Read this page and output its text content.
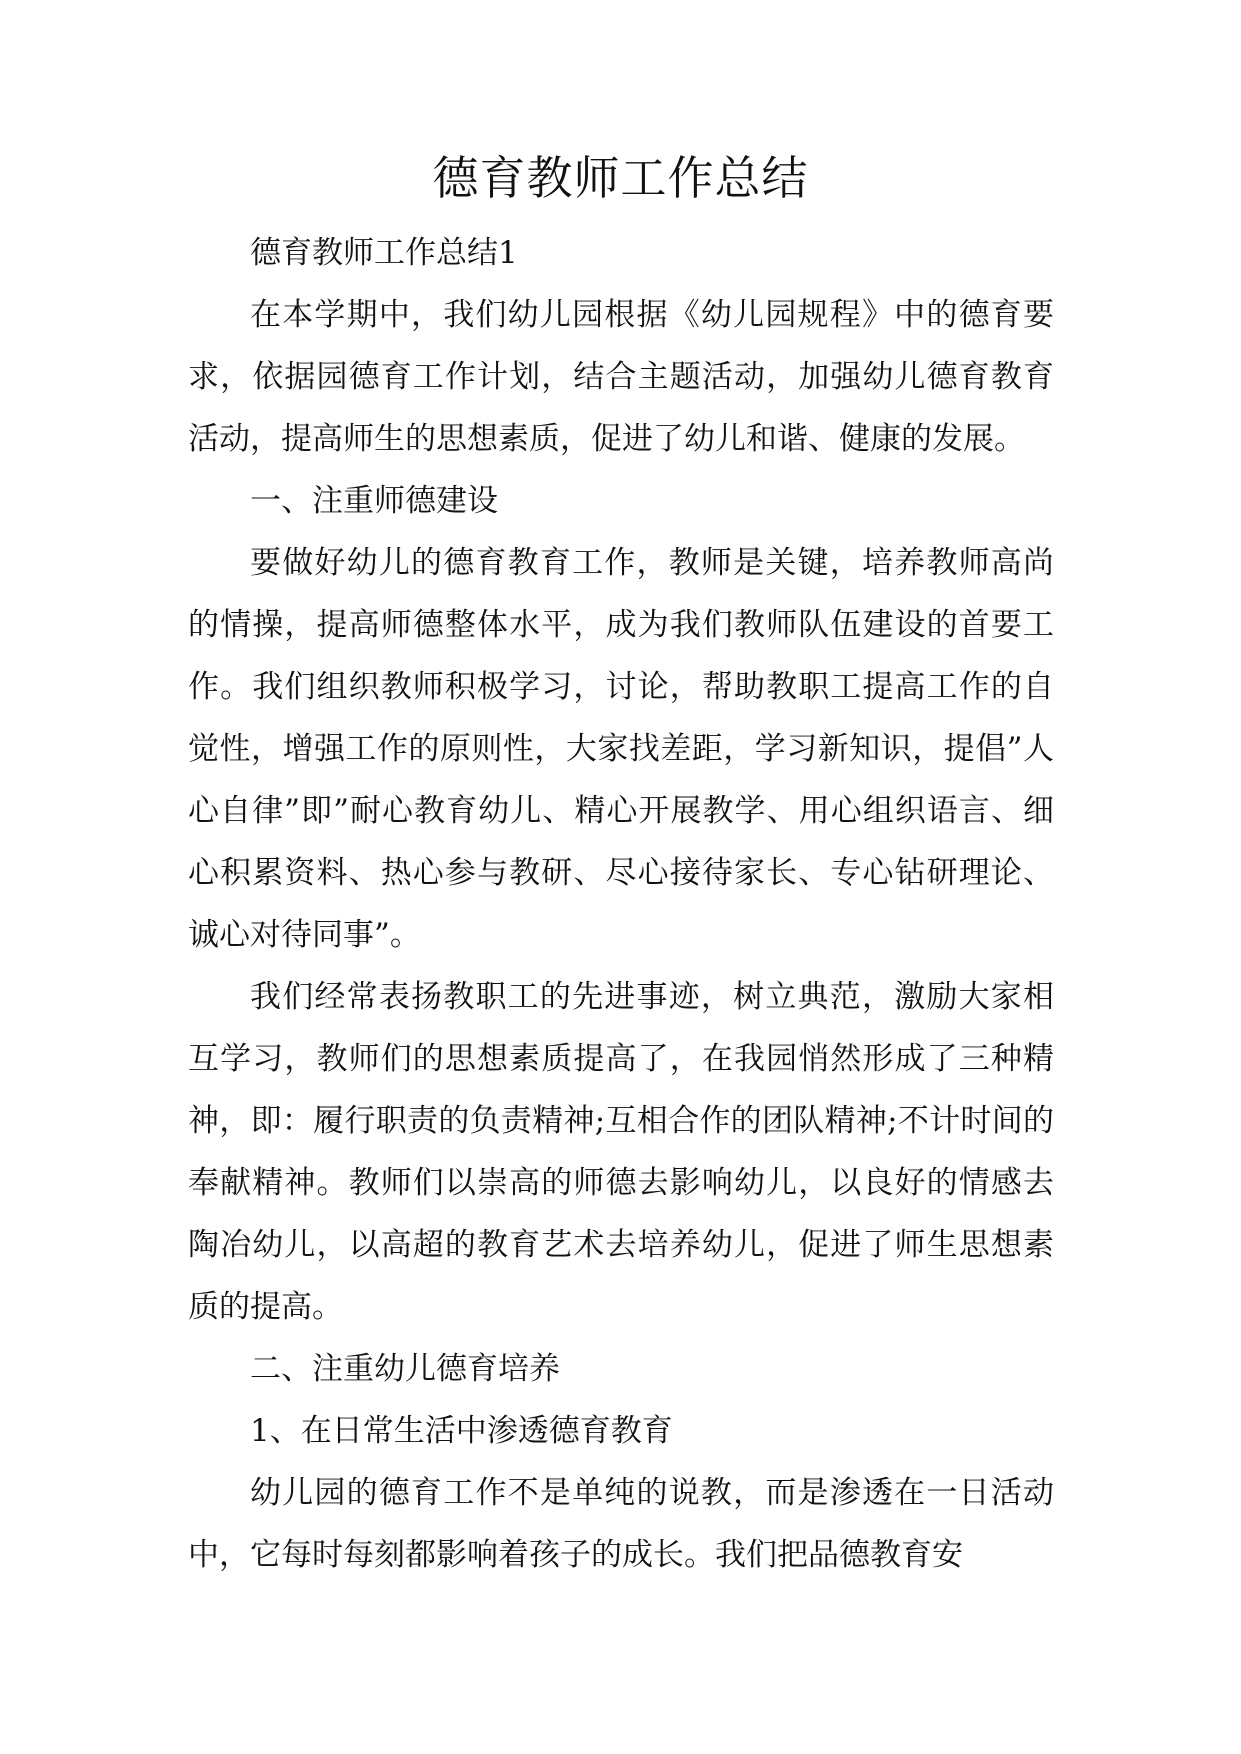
德育教师工作总结

德育教师工作总结1

在本学期中，我们幼儿园根据《幼儿园规程》中的德育要求，依据园德育工作计划，结合主题活动，加强幼儿德育教育活动，提高师生的思想素质，促进了幼儿和谐、健康的发展。

一、注重师德建设

要做好幼儿的德育教育工作，教师是关键，培养教师高尚的情操，提高师德整体水平，成为我们教师队伍建设的首要工作。我们组织教师积极学习，讨论，帮助教职工提高工作的自觉性，增强工作的原则性，大家找差距，学习新知识，提倡”人心自律”即”耐心教育幼儿、精心开展教学、用心组织语言、细心积累资料、热心参与教研、尽心接待家长、专心钻研理论、诚心对待同事”。

我们经常表扬教职工的先进事迹，树立典范，激励大家相互学习，教师们的思想素质提高了，在我园悄然形成了三种精神，即：履行职责的负责精神;互相合作的团队精神;不计时间的奉献精神。教师们以崇高的师德去影响幼儿，以良好的情感去陶冶幼儿，以高超的教育艺术去培养幼儿，促进了师生思想素质的提高。

二、注重幼儿德育培养

1、在日常生活中渗透德育教育

幼儿园的德育工作不是单纯的说教，而是渗透在一日活动中，它每时每刻都影响着孩子的成长。我们把品德教育安
